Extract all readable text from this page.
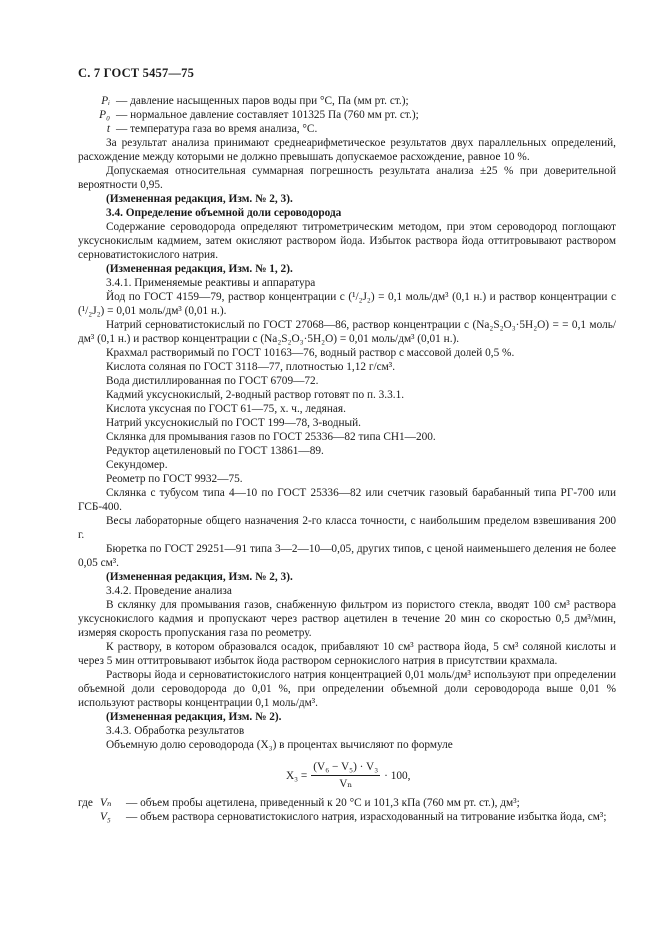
С. 7 ГОСТ 5457—75
Pᵢ — давление насыщенных паров воды при °С, Па (мм рт. ст.);
P₀ — нормальное давление составляет 101325 Па (760 мм рт. ст.);
t — температура газа во время анализа, °С.

За результат анализа принимают среднеарифметическое результатов двух параллельных определений, расхождение между которыми не должно превышать допускаемое расхождение, равное 10 %.

Допускаемая относительная суммарная погрешность результата анализа ±25 % при доверительной вероятности 0,95.

(Измененная редакция, Изм. № 2, 3).

3.4. Определение объемной доли сероводорода

Содержание сероводорода определяют титрометрическим методом, при этом сероводород поглощают уксуснокислым кадмием, затем окисляют раствором йода. Избыток раствора йода оттитровывают раствором серноватистокислого натрия.

(Измененная редакция, Изм. № 1, 2).

3.4.1. Применяемые реактивы и аппаратура

Йод по ГОСТ 4159—79, раствор концентрации c (¹/₂J₂) = 0,1 моль/дм³ (0,1 н.) и раствор концентрации c (¹/₂J₂) = 0,01 моль/дм³ (0,01 н.).

Натрий серноватистокислый по ГОСТ 27068—86, раствор концентрации c (Na₂S₂O₃·5H₂O) = = 0,1 моль/дм³ (0,1 н.) и раствор концентрации c (Na₂S₂O₃·5H₂O) = 0,01 моль/дм³ (0,01 н.).

Крахмал растворимый по ГОСТ 10163—76, водный раствор с массовой долей 0,5 %.

Кислота соляная по ГОСТ 3118—77, плотностью 1,12 г/см³.

Вода дистиллированная по ГОСТ 6709—72.

Кадмий уксуснокислый, 2-водный раствор готовят по п. 3.3.1.

Кислота уксусная по ГОСТ 61—75, х. ч., ледяная.

Натрий уксуснокислый по ГОСТ 199—78, 3-водный.

Склянка для промывания газов по ГОСТ 25336—82 типа СН1—200.

Редуктор ацетиленовый по ГОСТ 13861—89.

Секундомер.

Реометр по ГОСТ 9932—75.

Склянка с тубусом типа 4—10 по ГОСТ 25336—82 или счетчик газовый барабанный типа РГ-700 или ГСБ-400.

Весы лабораторные общего назначения 2-го класса точности, с наибольшим пределом взвешивания 200 г.

Бюретка по ГОСТ 29251—91 типа 3—2—10—0,05, других типов, с ценой наименьшего деления не более 0,05 см³.

(Измененная редакция, Изм. № 2, 3).

3.4.2. Проведение анализа

В склянку для промывания газов, снабженную фильтром из пористого стекла, вводят 100 см³ раствора уксуснокислого кадмия и пропускают через раствор ацетилен в течение 20 мин со скоростью 0,5 дм³/мин, измеряя скорость пропускания газа по реометру.

К раствору, в котором образовался осадок, прибавляют 10 см³ раствора йода, 5 см³ соляной кислоты и через 5 мин оттитровывают избыток йода раствором сернокислого натрия в присутствии крахмала.

Растворы йода и серноватистокислого натрия концентрацией 0,01 моль/дм³ используют при определении объемной доли сероводорода до 0,01 %, при определении объемной доли сероводорода выше 0,01 % используют растворы концентрации 0,1 моль/дм³.

(Измененная редакция, Изм. № 2).

3.4.3. Обработка результатов

Объемную долю сероводорода (X₃) в процентах вычисляют по формуле

$X_3 = \frac{\text{(V₆ − V₅) · V₃}}{\text{Vₙ}} \cdot 100$,
где Vₙ — объем пробы ацетилена, приведенный к 20 °С и 101,3 кПа (760 мм рт. ст.), дм³;
V₅ — объем раствора серноватистокислого натрия, израсходованный на титрование избытка йода, см³;
